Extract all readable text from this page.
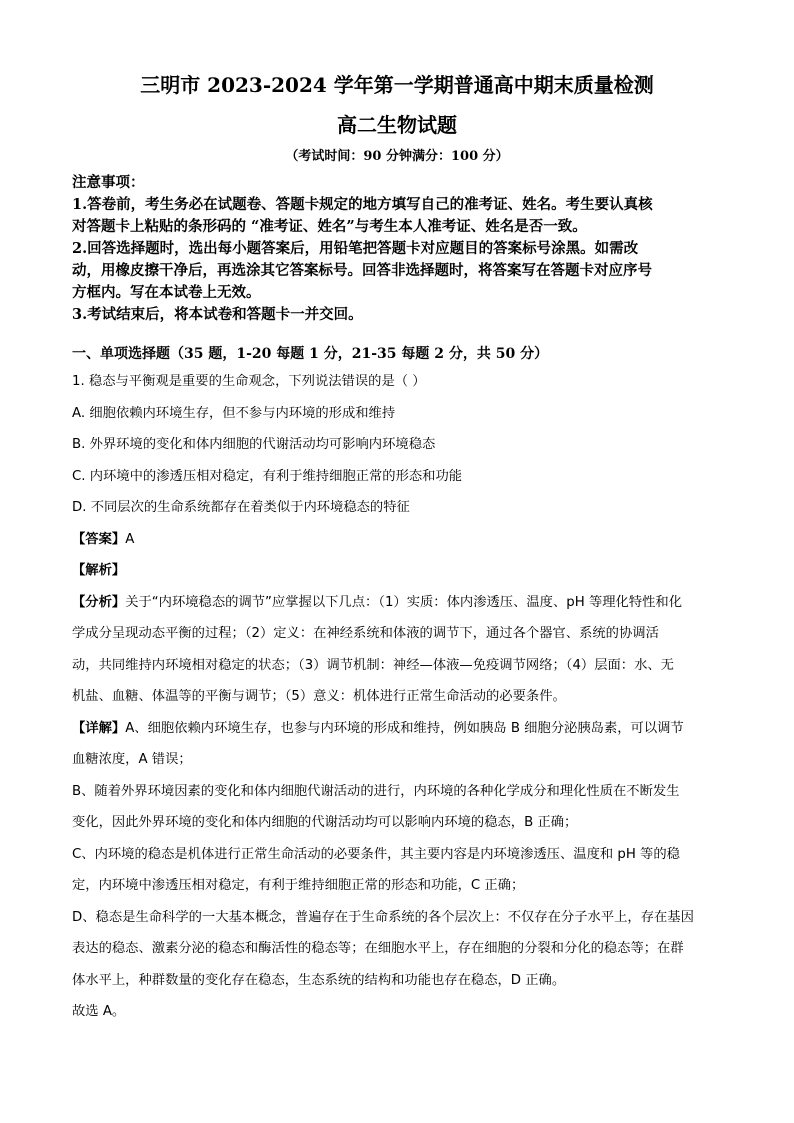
三明市 2023-2024 学年第一学期普通高中期末质量检测
高二生物试题
（考试时间：90 分钟满分：100 分）

注意事项：

1.答卷前，考生务必在试题卷、答题卡规定的地方填写自己的准考证、姓名。考生要认真核

对答题卡上粘贴的条形码的 “准考证、姓名”与考生本人准考证、姓名是否一致。

2.回答选择题时，选出每小题答案后，用铅笔把答题卡对应题目的答案标号涂黑。如需改

动，用橡皮擦干净后，再选涂其它答案标号。回答非选择题时，将答案写在答题卡对应序号

方框内。写在本试卷上无效。

3.考试结束后，将本试卷和答题卡一并交回。

一、单项选择题（35 题，1-20 每题 1 分，21-35 每题 2 分，共 50 分）

1. 稳态与平衡观是重要的生命观念，下列说法错误的是（ ）

A. 细胞依赖内环境生存，但不参与内环境的形成和维持

B. 外界环境的变化和体内细胞的代谢活动均可影响内环境稳态

C. 内环境中的渗透压相对稳定，有利于维持细胞正常的形态和功能

D. 不同层次的生命系统都存在着类似于内环境稳态的特征

【答案】A

【解析】

【分析】关于“内环境稳态的调节”应掌握以下几点：（1）实质：体内渗透压、温度、pH 等理化特性和化

学成分呈现动态平衡的过程；（2）定义：在神经系统和体液的调节下，通过各个器官、系统的协调活

动，共同维持内环境相对稳定的状态；（3）调节机制：神经—体液—免疫调节网络；（4）层面：水、无

机盐、血糖、体温等的平衡与调节；（5）意义：机体进行正常生命活动的必要条件。

【详解】A、细胞依赖内环境生存，也参与内环境的形成和维持，例如胰岛 B 细胞分泌胰岛素，可以调节

血糖浓度，A 错误；

B、随着外界环境因素的变化和体内细胞代谢活动的进行，内环境的各种化学成分和理化性质在不断发生

变化，因此外界环境的变化和体内细胞的代谢活动均可以影响内环境的稳态，B 正确；

C、内环境的稳态是机体进行正常生命活动的必要条件，其主要内容是内环境渗透压、温度和 pH 等的稳

定，内环境中渗透压相对稳定，有利于维持细胞正常的形态和功能，C 正确；

D、稳态是生命科学的一大基本概念，普遍存在于生命系统的各个层次上：不仅存在分子水平上，存在基因

表达的稳态、激素分泌的稳态和酶活性的稳态等；在细胞水平上，存在细胞的分裂和分化的稳态等；在群

体水平上，种群数量的变化存在稳态，生态系统的结构和功能也存在稳态，D 正确。

故选 A。
